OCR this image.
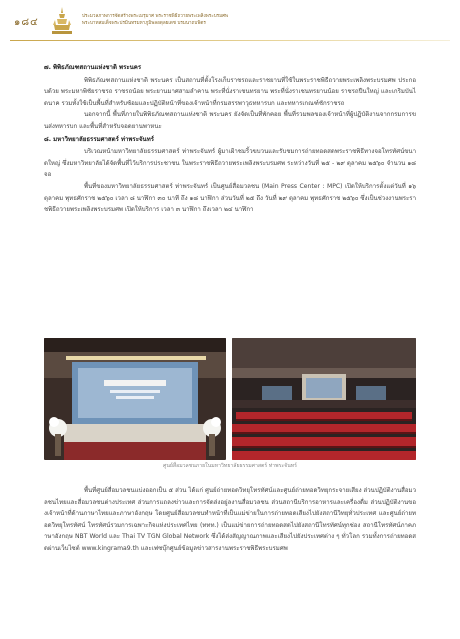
๑๘๔
ประมวลภาพการจัดสร้างพระเมรุมาศ พระราชพิธีถวายพระเพลิงพระบรมศพ
พระบาทสมเด็จพระปรมินทรมหาภูมิพลอดุลยเดช บรมนาถบพิตร
๗. พิพิธภัณฑสถานแห่งชาติ พระนคร

พิพิธภัณฑสถานแห่งชาติ พระนคร เป็นสถานที่ตั้งโรงเก็บราชรถและราชยานที่ใช้ในพระราชพิธีถวายพระเพลิงพระบรมศพ ประกอบด้วย พระมหาพิชัยราชรถ ราชรถน้อย พระยานมาศสามลำคาน พระที่นั่งราเชนทรยาน พระที่นั่งราเชนทรยานน้อย ราชรถปืนใหญ่ และเกริมบันไดนาค รวมทั้งใช้เป็นพื้นที่สำหรับซ้อมและปฏิบัติหน้าที่ของเจ้าหน้าที่กรมสรรพาวุธทหารบก และทหารเกณฑ์ชักราชรถ

นอกจากนี้ พื้นที่ภายในพิพิธภัณฑสถานแห่งชาติ พระนคร ยังจัดเป็นที่พักคอย พื้นที่รวมพลของเจ้าหน้าที่ผู้ปฏิบัติงานจากกรมการขนส่งทหารบก และพื้นที่สำหรับจอดยานพาหนะ

๘. มหาวิทยาลัยธรรมศาสตร์ ท่าพระจันทร์

บริเวณหน้ามหาวิทยาลัยธรรมศาสตร์ ท่าพระจันทร์ ผู้มาเฝ้าชมริ้วขบวนและรับชมการถ่ายทอดสดพระราชพิธีทางจอโทรทัศน์ขนาดใหญ่ ซึ่งมหาวิทยาลัยได้จัดพื้นที่ไว้บริการประชาชน ในพระราชพิธีถวายพระเพลิงพระบรมศพ ระหว่างวันที่ ๒๕ - ๒๙ ตุลาคม ๒๕๖๐ จำนวน ๑๘ จอ

พื้นที่ของมหาวิทยาลัยธรรมศาสตร์ ท่าพระจันทร์ เป็นศูนย์สื่อมวลชน (Main Press Center : MPC) เปิดให้บริการตั้งแต่วันที่ ๑๖ ตุลาคม พุทธศักราช ๒๕๖๐ เวลา ๘ นาฬิกา ๓๐ นาที ถึง ๑๘ นาฬิกา ส่วนวันที่ ๒๕ ถึง วันที่ ๒๙ ตุลาคม พุทธศักราช ๒๕๖๐ ซึ่งเป็นช่วงงานพระราชพิธีถวายพระเพลิงพระบรมศพ เปิดให้บริการ เวลา ๓ นาฬิกา ถึงเวลา ๒๔ นาฬิกา

ศูนย์สื่อมวลชนภายในมหาวิทยาลัยธรรมศาสตร์ ท่าพระจันทร์

พื้นที่ศูนย์สื่อมวลชนแบ่งออกเป็น ๕ ส่วน ได้แก่ ศูนย์ถ่ายทอดวิทยุโทรทัศน์และศูนย์ถ่ายทอดวิทยุกระจายเสียง ส่วนปฏิบัติงานสื่อมวลชนไทยและสื่อมวลชนต่างประเทศ ส่วนการแถลงข่าวและการจัดส่งอยู่ลงานสื่อมวลชน ส่วนสถานีบริการอาหารและเครื่องดื่ม ส่วนปฏิบัติงานของเจ้าหน้าที่ด้านภาษาไทยและภาษาอังกฤษ โดยศูนย์สื่อมวลชนทำหน้าที่เป็นแม่ข่ายในการถ่ายทอดเสียงไปยังสถานีวิทยุทั่วประเทศ และศูนย์ถ่ายทอดวิทยุโทรทัศน์ โทรทัศน์รวมการเฉพาะกิจแห่งประเทศไทย (ททท.) เป็นแม่ข่ายการถ่ายทอดสดไปยังสถานีโทรทัศน์ทุกช่อง สถานีโทรทัศน์ภาคภาษาอังกฤษ NBT World และ Thai TV TGN Global Network ซึ่งได้ส่งสัญญาณภาพและเสียงไปยังประเทศต่าง ๆ ทั่วโลก รวมทั้งการถ่ายทอดสดผ่านเว็บไซต์ www.kingrama9.th และเฟซบุ๊กศูนย์ข้อมูลข่าวสารงานพระราชพิธีพระบรมศพ
